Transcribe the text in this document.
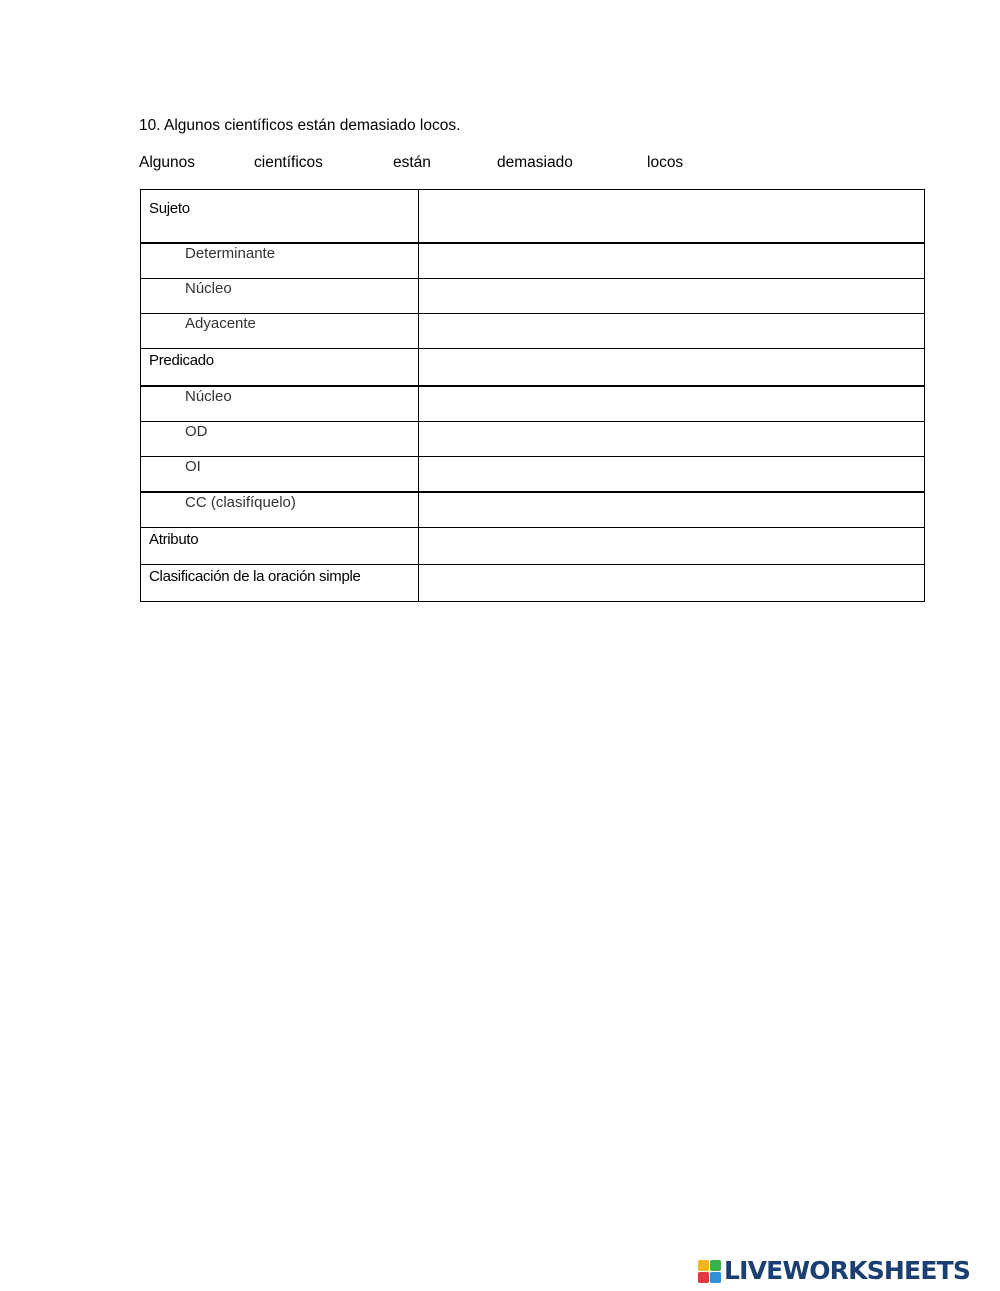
10. Algunos científicos están demasiado locos.
Algunos	científicos	están	demasiado	locos
Sujeto	
Determinante	
Núcleo	
Adyacente	
Predicado	
Núcleo	
OD	
OI	
CC (clasifíquelo)	
Atributo	
Clasificación de la oración simple	
LIVEWORKSHEETS
